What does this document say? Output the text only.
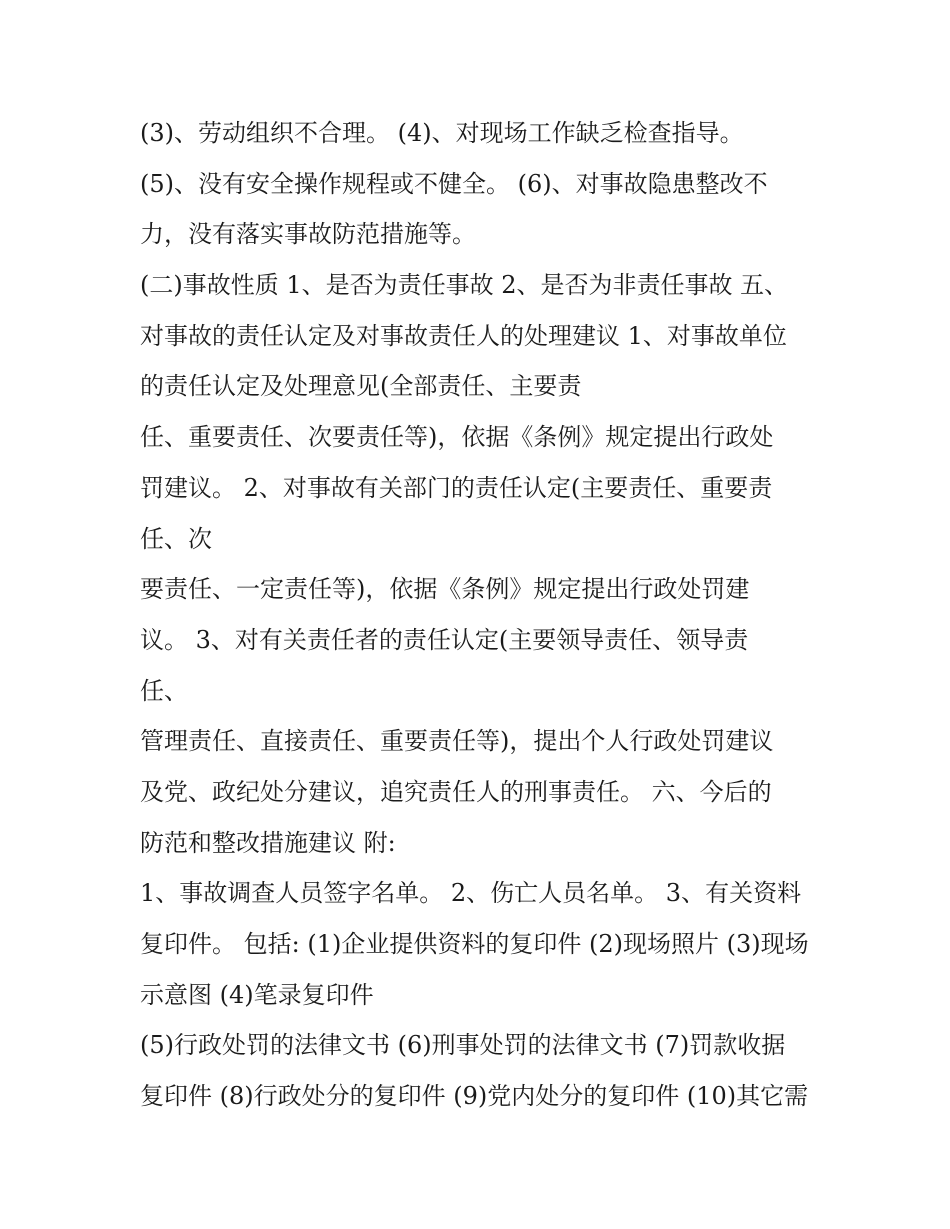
(3)、劳动组织不合理。 (4)、对现场工作缺乏检查指导。
(5)、没有安全操作规程或不健全。 (6)、对事故隐患整改不
力，没有落实事故防范措施等。
(二)事故性质 1、是否为责任事故 2、是否为非责任事故 五、
对事故的责任认定及对事故责任人的处理建议 1、对事故单位
的责任认定及处理意见(全部责任、主要责
任、重要责任、次要责任等)，依据《条例》规定提出行政处
罚建议。 2、对事故有关部门的责任认定(主要责任、重要责
任、次
要责任、一定责任等)，依据《条例》规定提出行政处罚建
议。 3、对有关责任者的责任认定(主要领导责任、领导责
任、
管理责任、直接责任、重要责任等)，提出个人行政处罚建议
及党、政纪处分建议，追究责任人的刑事责任。 六、今后的
防范和整改措施建议 附:
1、事故调查人员签字名单。 2、伤亡人员名单。 3、有关资料
复印件。 包括: (1)企业提供资料的复印件 (2)现场照片 (3)现场
示意图 (4)笔录复印件
(5)行政处罚的法律文书 (6)刑事处罚的法律文书 (7)罚款收据
复印件 (8)行政处分的复印件 (9)党内处分的复印件 (10)其它需
